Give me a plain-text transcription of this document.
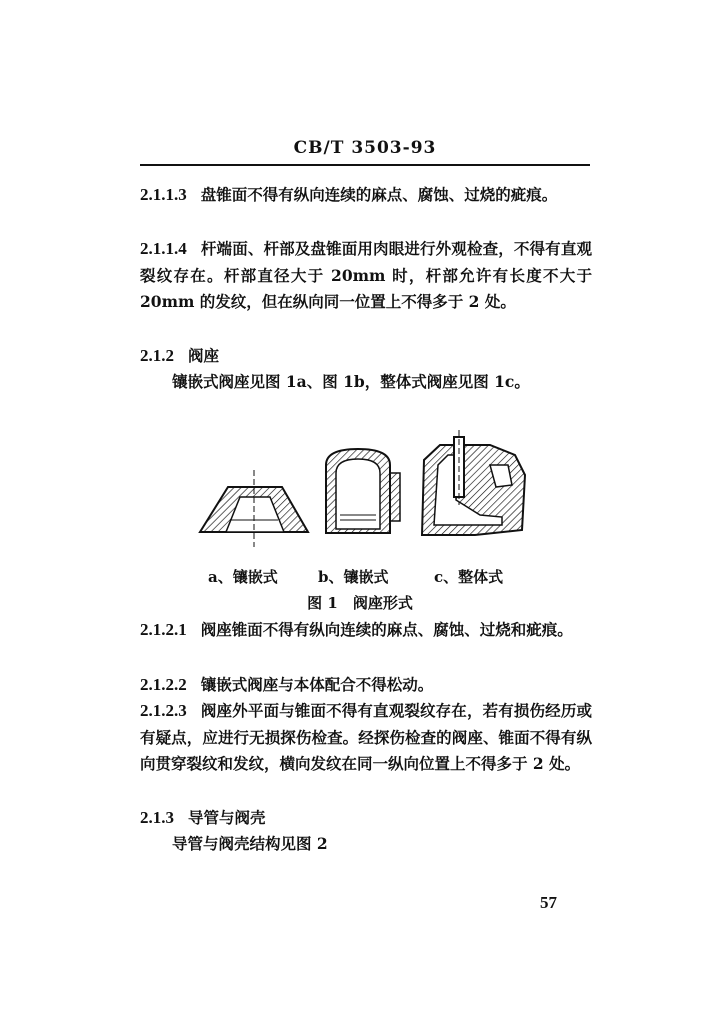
CB/T 3503-93
2.1.1.3 盘锥面不得有纵向连续的麻点、腐蚀、过烧的疵痕。
2.1.1.4 杆端面、杆部及盘锥面用肉眼进行外观检查，不得有直观裂纹存在。杆部直径大于 20mm 时，杆部允许有长度不大于 20mm 的发纹，但在纵向同一位置上不得多于 2 处。
2.1.2 阀座
镶嵌式阀座见图 1a、图 1b，整体式阀座见图 1c。
a、镶嵌式	b、镶嵌式	c、整体式
图 1　阀座形式
2.1.2.1 阀座锥面不得有纵向连续的麻点、腐蚀、过烧和疵痕。
2.1.2.2 镶嵌式阀座与本体配合不得松动。
2.1.2.3 阀座外平面与锥面不得有直观裂纹存在，若有损伤经历或有疑点，应进行无损探伤检查。经探伤检查的阀座、锥面不得有纵向贯穿裂纹和发纹，横向发纹在同一纵向位置上不得多于 2 处。
2.1.3 导管与阀壳
导管与阀壳结构见图 2
57
